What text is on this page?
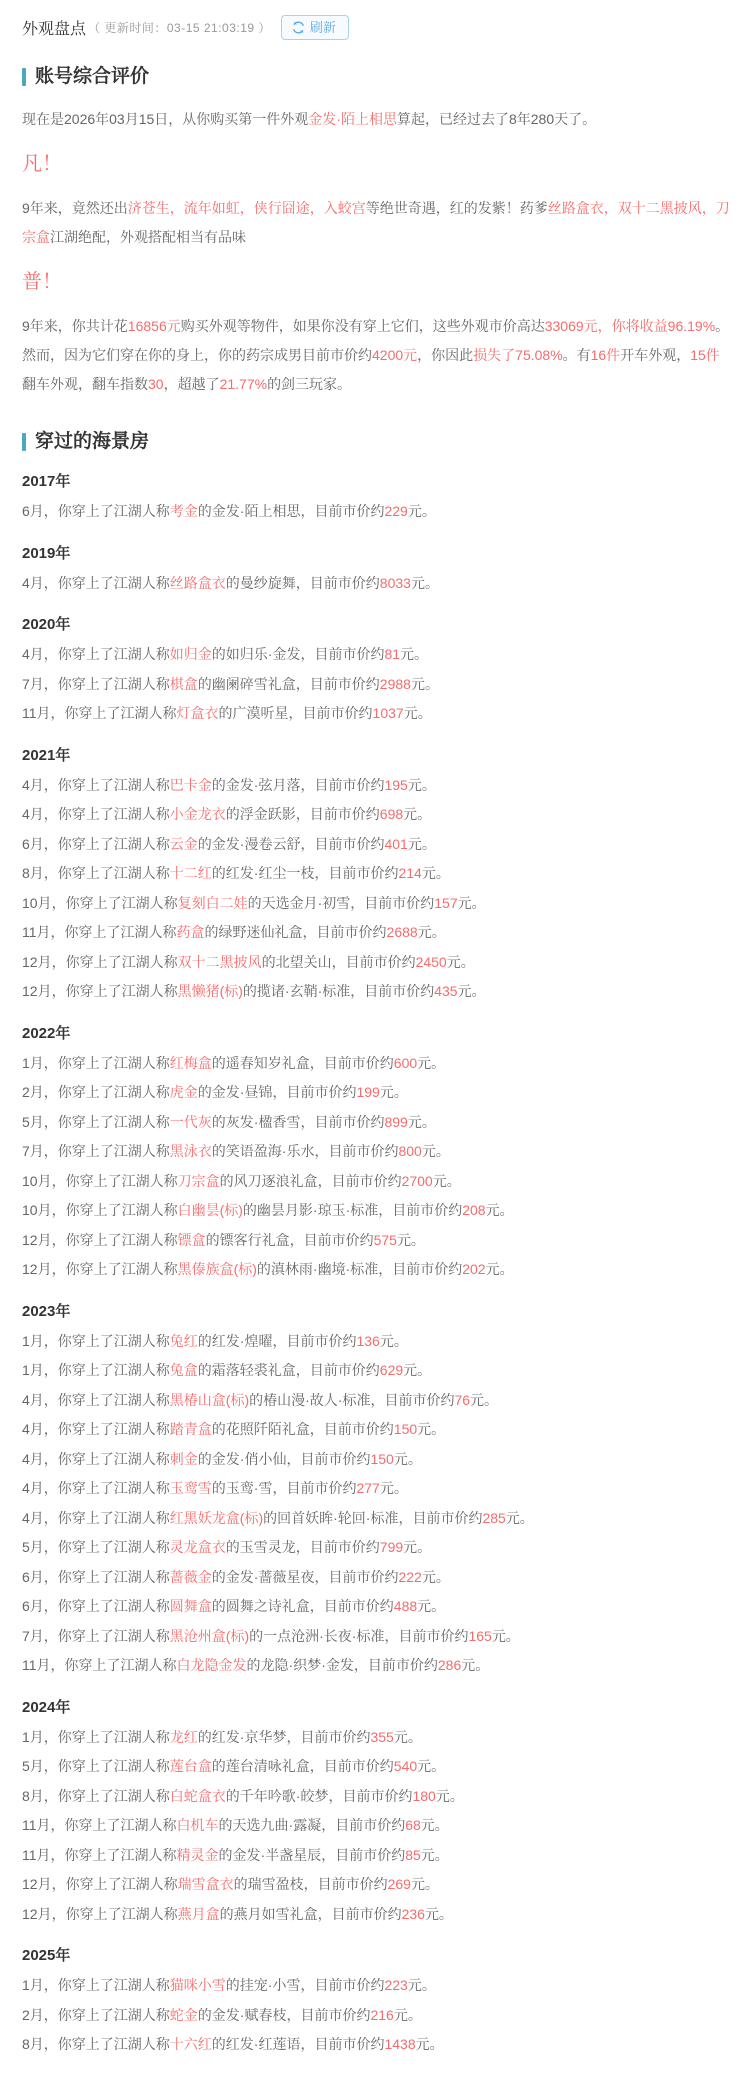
外观盘点 （ 更新时间：03-15 21:03:19 ）	刷新
账号综合评价
现在是2026年03月15日，从你购买第一件外观金发·陌上相思算起，已经过去了8年280天了。
凡！
9年来，竟然还出济苍生，流年如虹，侠行囧途，入蛟宫等绝世奇遇，红的发紫！药爹丝路盒衣，双十二黑披风，刀宗盒江湖绝配，外观搭配相当有品味
普！
9年来，你共计花16856元购买外观等物件，如果你没有穿上它们，这些外观市价高达33069元，你将收益96.19%。然而，因为它们穿在你的身上，你的药宗成男目前市价约4200元，你因此损失了75.08%。有16件开车外观，15件翻车外观，翻车指数30，超越了21.77%的剑三玩家。
穿过的海景房
2017年

6月，你穿上了江湖人称考金的金发·陌上相思，目前市价约229元。

2019年

4月，你穿上了江湖人称丝路盒衣的曼纱旋舞，目前市价约8033元。

2020年

4月，你穿上了江湖人称如归金的如归乐·金发，目前市价约81元。

7月，你穿上了江湖人称棋盒的幽阑碎雪礼盒，目前市价约2988元。

11月，你穿上了江湖人称灯盒衣的广漠听星，目前市价约1037元。

2021年

4月，你穿上了江湖人称巴卡金的金发·弦月落，目前市价约195元。

4月，你穿上了江湖人称小金龙衣的浮金跃影，目前市价约698元。

6月，你穿上了江湖人称云金的金发·漫卷云舒，目前市价约401元。

8月，你穿上了江湖人称十二红的红发·红尘一枝，目前市价约214元。

10月，你穿上了江湖人称复刻白二娃的天选金月·初雪，目前市价约157元。

11月，你穿上了江湖人称药盒的绿野迷仙礼盒，目前市价约2688元。

12月，你穿上了江湖人称双十二黑披风的北望关山，目前市价约2450元。

12月，你穿上了江湖人称黑懒猪(标)的揽诸·玄鞘·标准，目前市价约435元。

2022年

1月，你穿上了江湖人称红梅盒的遥春知岁礼盒，目前市价约600元。

2月，你穿上了江湖人称虎金的金发·昼锦，目前市价约199元。

5月，你穿上了江湖人称一代灰的灰发·楹香雪，目前市价约899元。

7月，你穿上了江湖人称黑泳衣的笑语盈海·乐水，目前市价约800元。

10月，你穿上了江湖人称刀宗盒的风刀逐浪礼盒，目前市价约2700元。

10月，你穿上了江湖人称白幽昙(标)的幽昙月影·琼玉·标准，目前市价约208元。

12月，你穿上了江湖人称镖盒的镖客行礼盒，目前市价约575元。

12月，你穿上了江湖人称黑傣族盒(标)的滇林雨·幽境·标准，目前市价约202元。

2023年

1月，你穿上了江湖人称兔红的红发·煌曜，目前市价约136元。

1月，你穿上了江湖人称兔盒的霜落轻裘礼盒，目前市价约629元。

4月，你穿上了江湖人称黑椿山盒(标)的椿山漫·故人·标准，目前市价约76元。

4月，你穿上了江湖人称踏青盒的花照阡陌礼盒，目前市价约150元。

4月，你穿上了江湖人称刺金的金发·俏小仙，目前市价约150元。

4月，你穿上了江湖人称玉鸾雪的玉鸾·雪，目前市价约277元。

4月，你穿上了江湖人称红黑妖龙盒(标)的回首妖眸·轮回·标准，目前市价约285元。

5月，你穿上了江湖人称灵龙盒衣的玉雪灵龙，目前市价约799元。

6月，你穿上了江湖人称蔷薇金的金发·蔷薇星夜，目前市价约222元。

6月，你穿上了江湖人称圆舞盒的圆舞之诗礼盒，目前市价约488元。

7月，你穿上了江湖人称黑沧州盒(标)的一点沧洲·长夜·标准，目前市价约165元。

11月，你穿上了江湖人称白龙隐金发的龙隐·织梦·金发，目前市价约286元。

2024年

1月，你穿上了江湖人称龙红的红发·京华梦，目前市价约355元。

5月，你穿上了江湖人称莲台盒的莲台清咏礼盒，目前市价约540元。

8月，你穿上了江湖人称白蛇盒衣的千年吟歌·皎梦，目前市价约180元。

11月，你穿上了江湖人称白机车的天选九曲·露凝，目前市价约68元。

11月，你穿上了江湖人称精灵金的金发·半盏星辰，目前市价约85元。

12月，你穿上了江湖人称瑞雪盒衣的瑞雪盈枝，目前市价约269元。

12月，你穿上了江湖人称燕月盒的燕月如雪礼盒，目前市价约236元。

2025年

1月，你穿上了江湖人称猫咪小雪的挂宠·小雪，目前市价约223元。

2月，你穿上了江湖人称蛇金的金发·赋春枝，目前市价约216元。

8月，你穿上了江湖人称十六红的红发·红莲语，目前市价约1438元。
